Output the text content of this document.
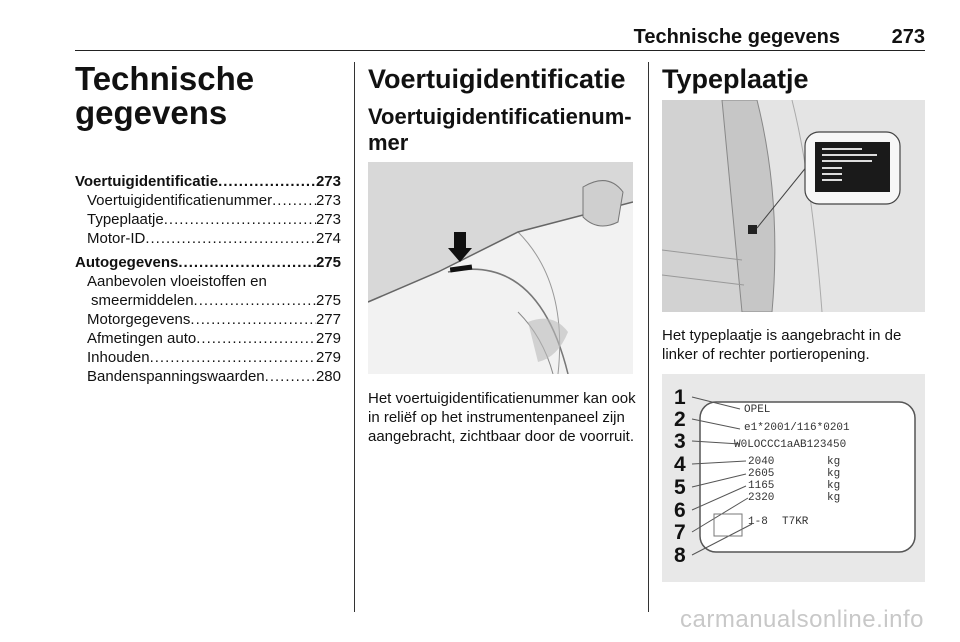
Technische gegevens	273
Technische
gegevens
Voertuigidentificatie .....	273
Voertuigidentificatienummer .....	273
Typeplaatje .....	273
Motor-ID .....	274
Autogegevens .....	275
Aanbevolen vloeistoffen en
smeermiddelen .....	275
Motorgegevens .....	277
Afmetingen auto .....	279
Inhouden .....	279
Bandenspanningswaarden .....	280
Voertuigidentificatie
Voertuigidentificatienum-
mer
Het voertuigidentificatienummer kan ook in reliëf op het instrumentenpaneel zijn aangebracht, zichtbaar door de voorruit.
Typeplaatje
Het typeplaatje is aangebracht in de linker of rechter portieropening.
1
2
3
4
5
6
7
8
OPEL
e1*2001/116*0201
W0LOCCC1aAB123450
2040
2605
1165
2320
1-8 T7KR
kg
kg
kg
kg
carmanualsonline.info
